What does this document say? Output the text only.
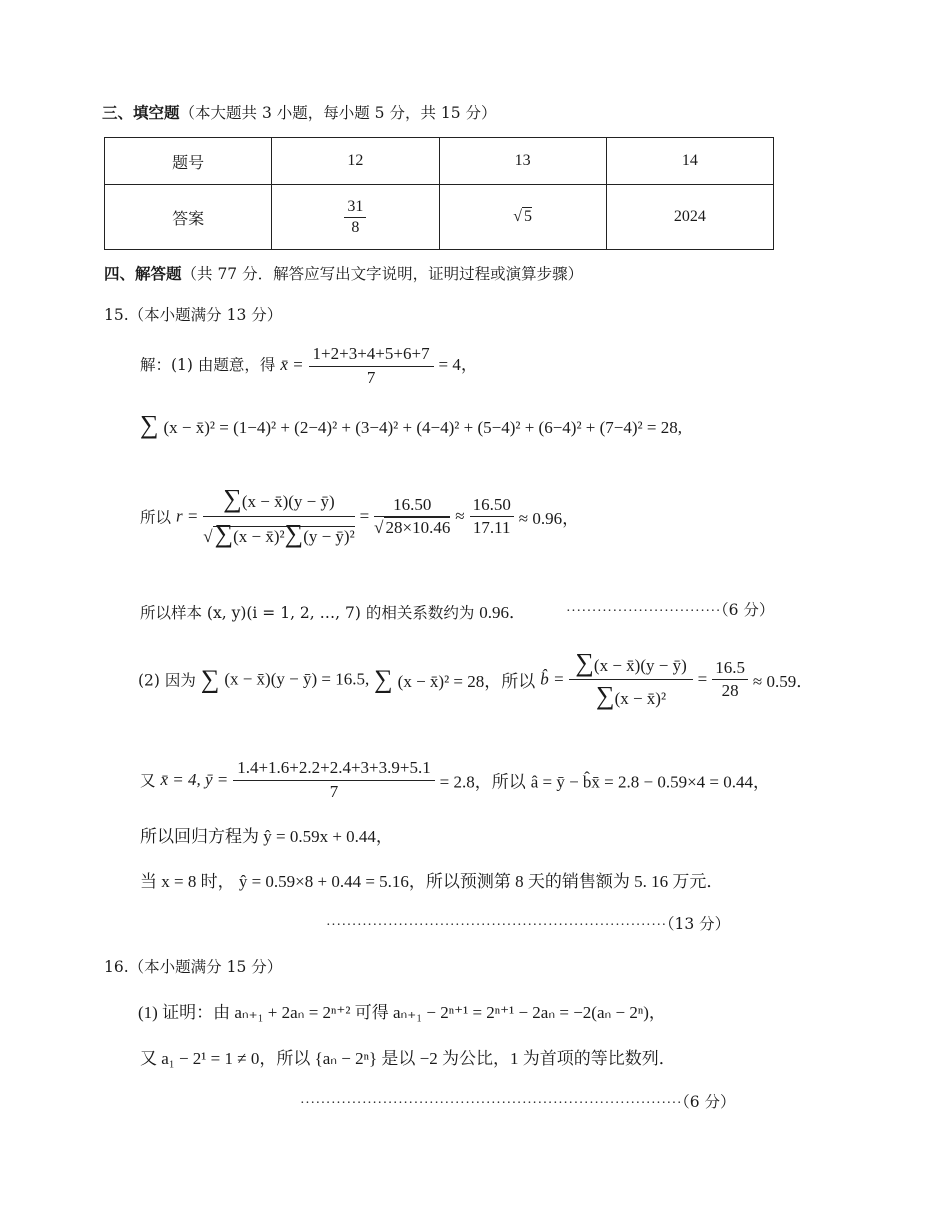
三、填空题（本大题共 3 小题，每小题 5 分，共 15 分）
题号	12	13	14
答案	$\frac{31}{8}$	√ 5	2024
四、解答题（共 77 分．解答应写出文字说明，证明过程或演算步骤）
15.（本小题满分 13 分）
解：(1) 由题意，得 x̄ = $\frac{1+2+3+4+5+6+7}{7} = 4$，
∑ (x − x̄)² = (1−4)² + (2−4)² + (3−4)² + (4−4)² + (5−4)² + (6−4)² + (7−4)² = 28,
所以 $r = \frac{\sum(x - x̄)(y - ȳ)}{\text{√∑(x − x̄)²∑(y − ȳ)²}} = \frac{16.50}{√ 28\times 10.46} \approx \frac{16.50}{17.11} \approx 0.96$，
所以样本 (x, y)(i = 1, 2, …, 7) 的相关系数约为 0.96．	······························（6 分）
(2) 因为 ∑ (x − x̄)(y − ȳ) = 16.5, ∑ (x − x̄)² = 28，所以 b̂ = $\frac{\sum(x - x̄)(y - ȳ)}{\text{∑(x − x̄)²}} = \frac{16.5}{28} \approx 0.59$．
又 x̄ = 4, ȳ = $\frac{1.4+1.6+2.2+2.4+3+3.9+5.1}{7} = 2.8$，所以 â = ȳ − b̂x̄ = 2.8 − 0.59×4 = 0.44，
所以回归方程为 ŷ = 0.59x + 0.44，
当 x = 8 时， ŷ = 0.59×8 + 0.44 = 5.16，所以预测第 8 天的销售额为 5. 16 万元．
··································································（13 分）
16.（本小题满分 15 分）
(1) 证明：由 aₙ₊₁ + 2aₙ = 2ⁿ⁺² 可得 aₙ₊₁ − 2ⁿ⁺¹ = 2ⁿ⁺¹ − 2aₙ = −2(aₙ − 2ⁿ)，
又 a₁ − 2¹ = 1 ≠ 0，所以 {aₙ − 2ⁿ} 是以 −2 为公比，1 为首项的等比数列．
··········································································（6 分）
